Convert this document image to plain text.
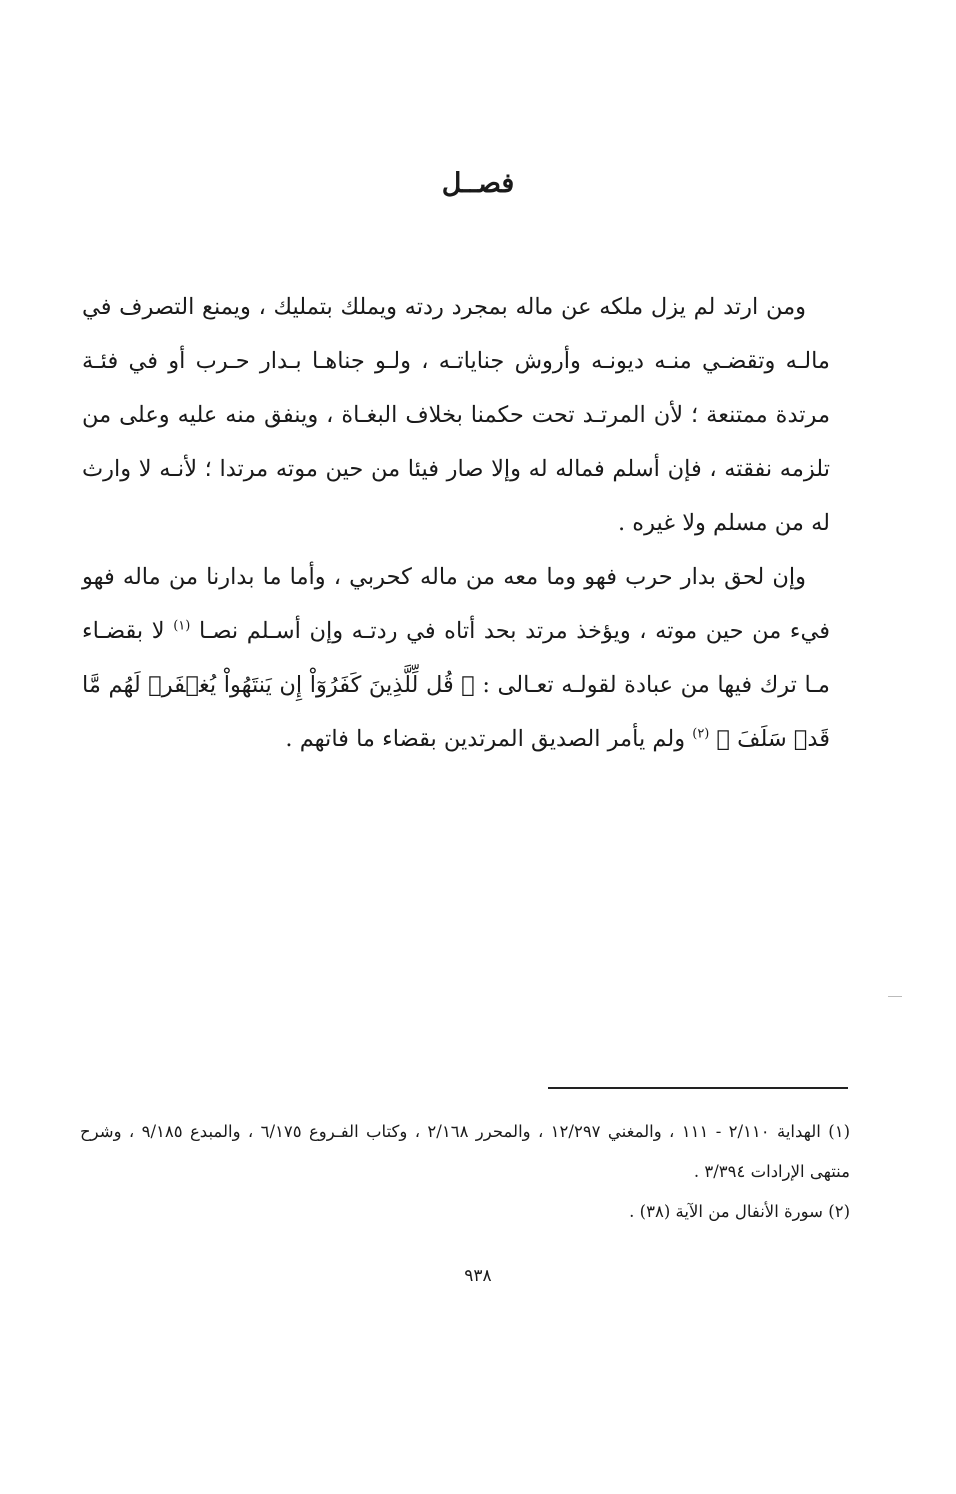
فصــل

ومن ارتد لم يزل ملكه عن ماله بمجرد ردته ويملك بتمليك ، ويمنع التصرف في مالـه وتقضـي منـه ديونـه وأروش جناياتـه ، ولـو جناهـا بـدار حـرب أو في فئـة مرتدة ممتنعة ؛ لأن المرتـد تحت حكمنا بخلاف البغـاة ، وينفق منه عليه وعلى من تلزمه نفقته ، فإن أسلم فماله له وإلا صار فيئا من حين موته مرتدا ؛ لأنـه لا وارث له من مسلم ولا غيره .

وإن لحق بدار حرب فهو وما معه من ماله كحربي ، وأما ما بدارنا من ماله فهو فيء من حين موته ، ويؤخذ مرتد بحد أتاه في ردتـه وإن أسـلم نصـا $^{(١)}$ لا بقضـاء مـا ترك فيها من عبادة لقولـه تعـالى : ﴿ قُل لِّلَّذِينَ كَفَرُوٓاْ إِن يَنتَهُواْ يُغۡفَرۡ لَهُم مَّا قَدۡ سَلَفَ ﴾ $^{(٢)}$ ولم يأمر الصديق المرتدين بقضاء ما فاتهم .

(١) الهداية ٢/١١٠ - ١١١ ، والمغني ١٢/٢٩٧ ، والمحرر ٢/١٦٨ ، وكتاب الفـروع ٦/١٧٥ ، والمبدع ٩/١٨٥ ، وشرح منتهى الإرادات ٣/٣٩٤ .

(٢) سورة الأنفال من الآية (٣٨) .

٩٣٨
